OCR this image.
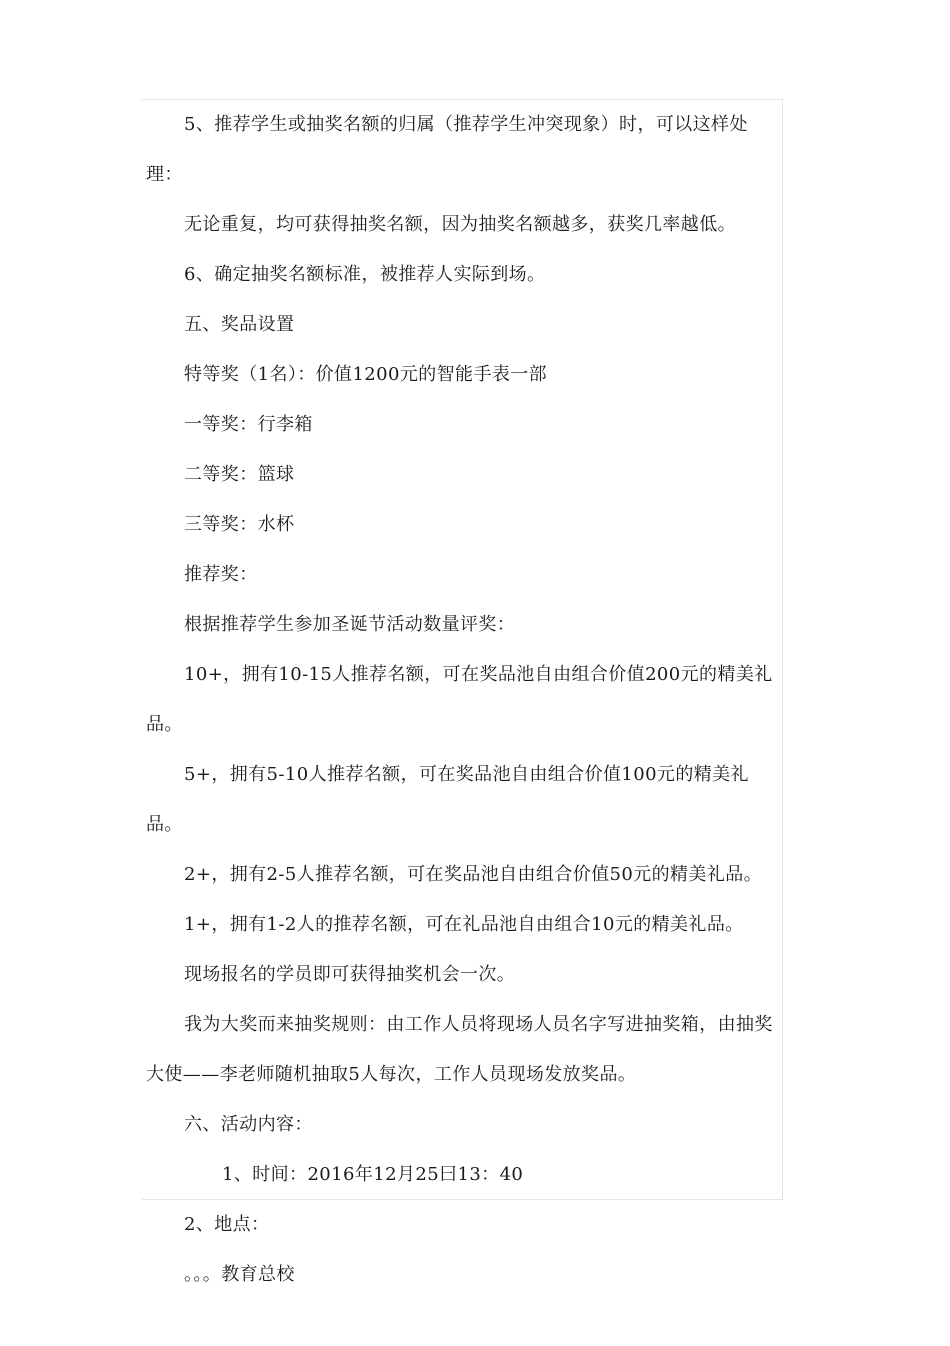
5、推荐学生或抽奖名额的归属（推荐学生冲突现象）时，可以这样处理：

无论重复，均可获得抽奖名额，因为抽奖名额越多，获奖几率越低。

6、确定抽奖名额标准，被推荐人实际到场。

五、奖品设置

特等奖（1名）：价值1200元的智能手表一部

一等奖：行李箱

二等奖：篮球

三等奖：水杯

推荐奖：

根据推荐学生参加圣诞节活动数量评奖：

10+，拥有10-15人推荐名额，可在奖品池自由组合价值200元的精美礼品。

5+，拥有5-10人推荐名额，可在奖品池自由组合价值100元的精美礼品。

2+，拥有2-5人推荐名额，可在奖品池自由组合价值50元的精美礼品。

1+，拥有1-2人的推荐名额，可在礼品池自由组合10元的精美礼品。

现场报名的学员即可获得抽奖机会一次。

我为大奖而来抽奖规则：由工作人员将现场人员名字写进抽奖箱，由抽奖大使——李老师随机抽取5人每次，工作人员现场发放奖品。

六、活动内容：

1、时间：2016年12月25曰13：40

2、地点：

。。。教育总校
